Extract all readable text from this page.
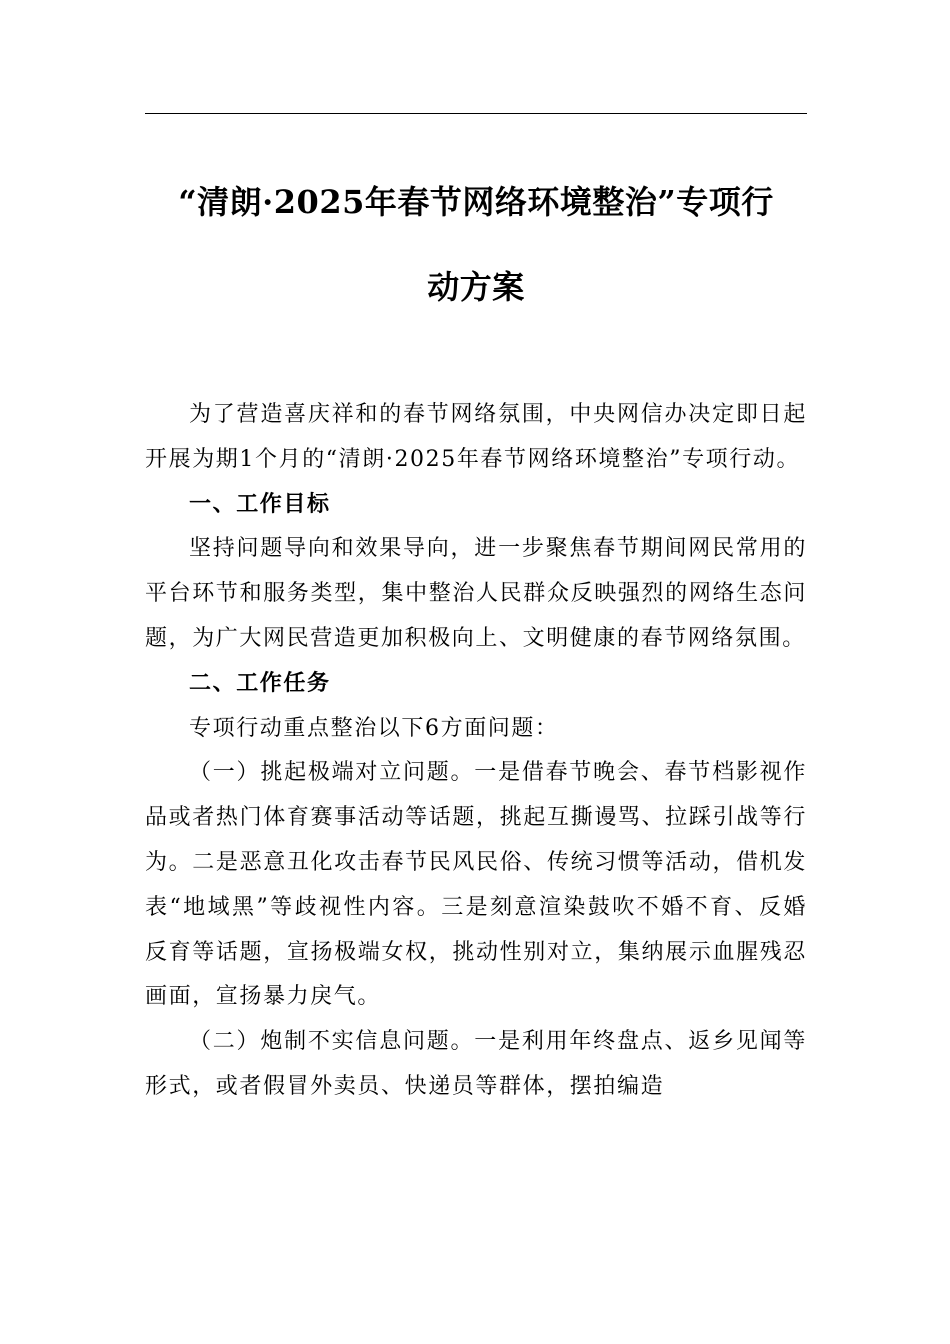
“清朗·2025年春节网络环境整治”专项行
动方案

为了营造喜庆祥和的春节网络氛围，中央网信办决定即日起开展为期1个月的“清朗·2025年春节网络环境整治”专项行动。

一、工作目标

坚持问题导向和效果导向，进一步聚焦春节期间网民常用的平台环节和服务类型，集中整治人民群众反映强烈的网络生态问题，为广大网民营造更加积极向上、文明健康的春节网络氛围。

二、工作任务

专项行动重点整治以下6方面问题：

（一）挑起极端对立问题。一是借春节晚会、春节档影视作品或者热门体育赛事活动等话题，挑起互撕谩骂、拉踩引战等行为。二是恶意丑化攻击春节民风民俗、传统习惯等活动，借机发表“地域黑”等歧视性内容。三是刻意渲染鼓吹不婚不育、反婚反育等话题，宣扬极端女权，挑动性别对立，集纳展示血腥残忍画面，宣扬暴力戾气。

（二）炮制不实信息问题。一是利用年终盘点、返乡见闻等形式，或者假冒外卖员、快递员等群体，摆拍编造
